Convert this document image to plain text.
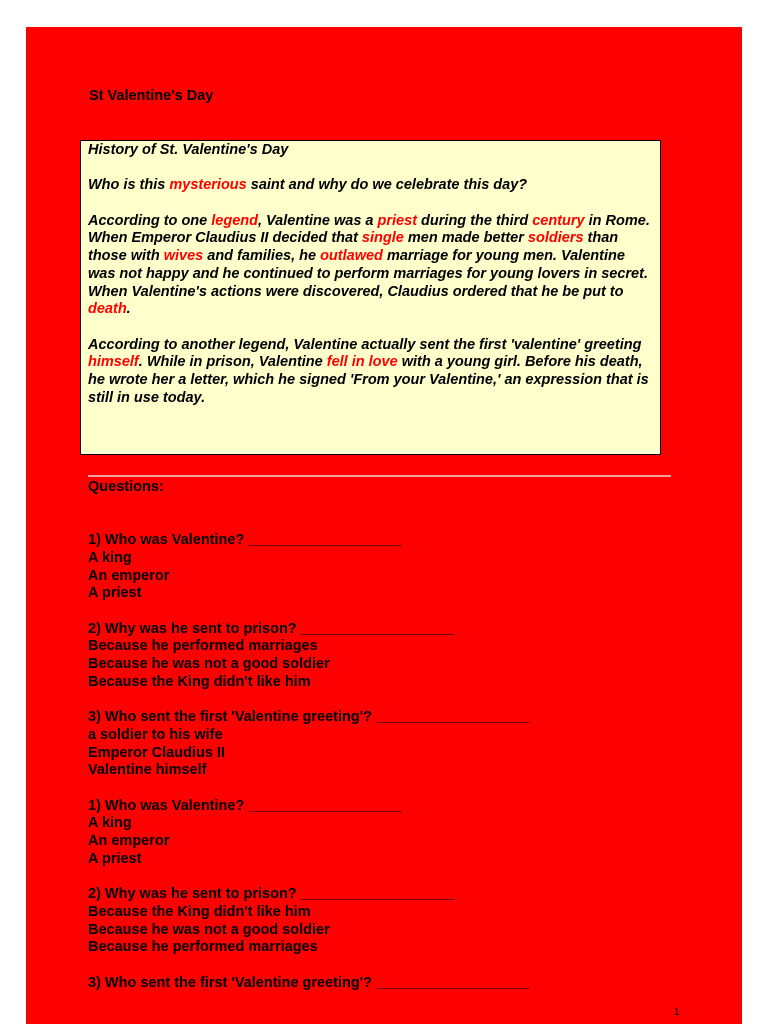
St Valentine's Day

History of St. Valentine's Day

Who is this mysterious saint and why do we celebrate this day?

According to one legend, Valentine was a priest during the third century in Rome. When Emperor Claudius II decided that single men made better soldiers than those with wives and families, he outlawed marriage for young men. Valentine was not happy and he continued to perform marriages for young lovers in secret. When Valentine's actions were discovered, Claudius ordered that he be put to death.

According to another legend, Valentine actually sent the first 'valentine' greeting himself. While in prison, Valentine fell in love with a young girl. Before his death, he wrote her a letter, which he signed 'From your Valentine,' an expression that is still in use today.

Questions:
1) Who was Valentine? ___________________
A king
An emperor
A priest
2) Why was he sent to prison? ___________________
Because he performed marriages
Because he was not a good soldier
Because the King didn't like him
3) Who sent the first 'Valentine greeting'? ___________________
a soldier to his wife
Emperor Claudius II
Valentine himself
1) Who was Valentine? ___________________
A king
An emperor
A priest
2) Why was he sent to prison? ___________________
Because the King didn't like him
Because he was not a good soldier
Because he performed marriages
3) Who sent the first 'Valentine greeting'? ___________________
1
